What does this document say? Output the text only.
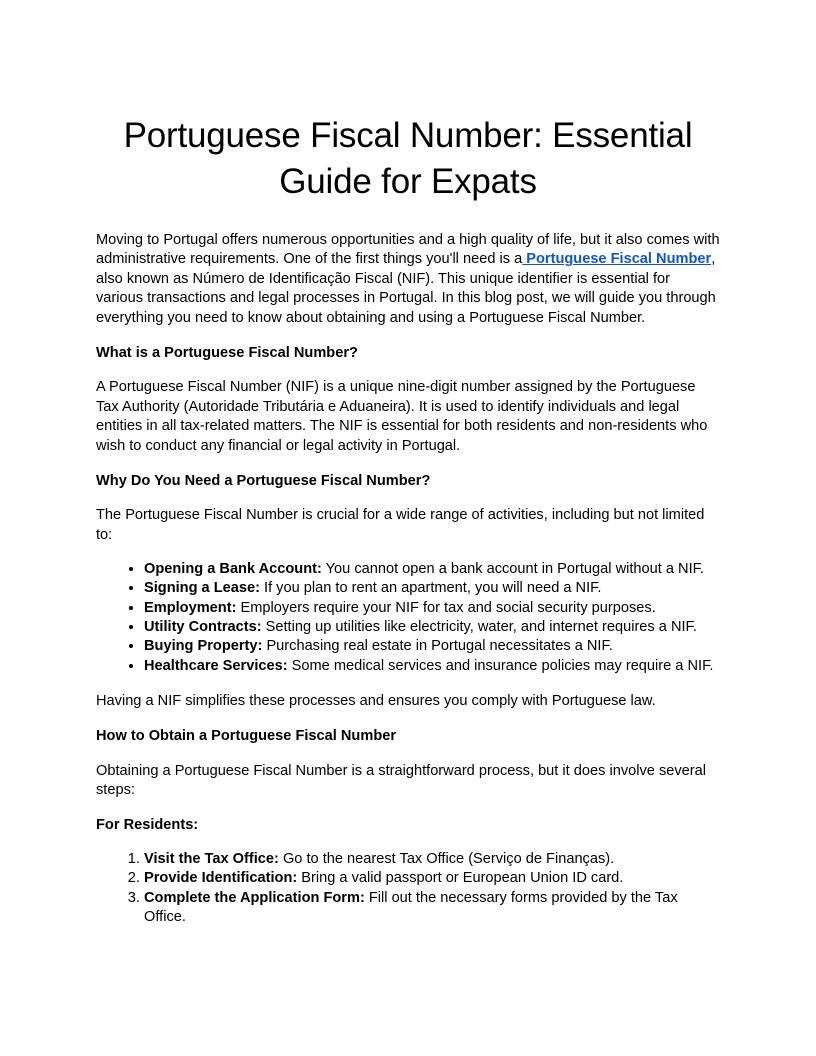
Portuguese Fiscal Number: Essential
Guide for Expats

Moving to Portugal offers numerous opportunities and a high quality of life, but it also comes with administrative requirements. One of the first things you'll need is a Portuguese Fiscal Number, also known as Número de Identificação Fiscal (NIF). This unique identifier is essential for various transactions and legal processes in Portugal. In this blog post, we will guide you through everything you need to know about obtaining and using a Portuguese Fiscal Number.

What is a Portuguese Fiscal Number?

A Portuguese Fiscal Number (NIF) is a unique nine-digit number assigned by the Portuguese Tax Authority (Autoridade Tributária e Aduaneira). It is used to identify individuals and legal entities in all tax-related matters. The NIF is essential for both residents and non-residents who wish to conduct any financial or legal activity in Portugal.

Why Do You Need a Portuguese Fiscal Number?

The Portuguese Fiscal Number is crucial for a wide range of activities, including but not limited to:

• Opening a Bank Account: You cannot open a bank account in Portugal without a NIF.
• Signing a Lease: If you plan to rent an apartment, you will need a NIF.
• Employment: Employers require your NIF for tax and social security purposes.
• Utility Contracts: Setting up utilities like electricity, water, and internet requires a NIF.
• Buying Property: Purchasing real estate in Portugal necessitates a NIF.
• Healthcare Services: Some medical services and insurance policies may require a NIF.

Having a NIF simplifies these processes and ensures you comply with Portuguese law.

How to Obtain a Portuguese Fiscal Number

Obtaining a Portuguese Fiscal Number is a straightforward process, but it does involve several steps:

For Residents:

1. Visit the Tax Office: Go to the nearest Tax Office (Serviço de Finanças).
2. Provide Identification: Bring a valid passport or European Union ID card.
3. Complete the Application Form: Fill out the necessary forms provided by the Tax Office.
